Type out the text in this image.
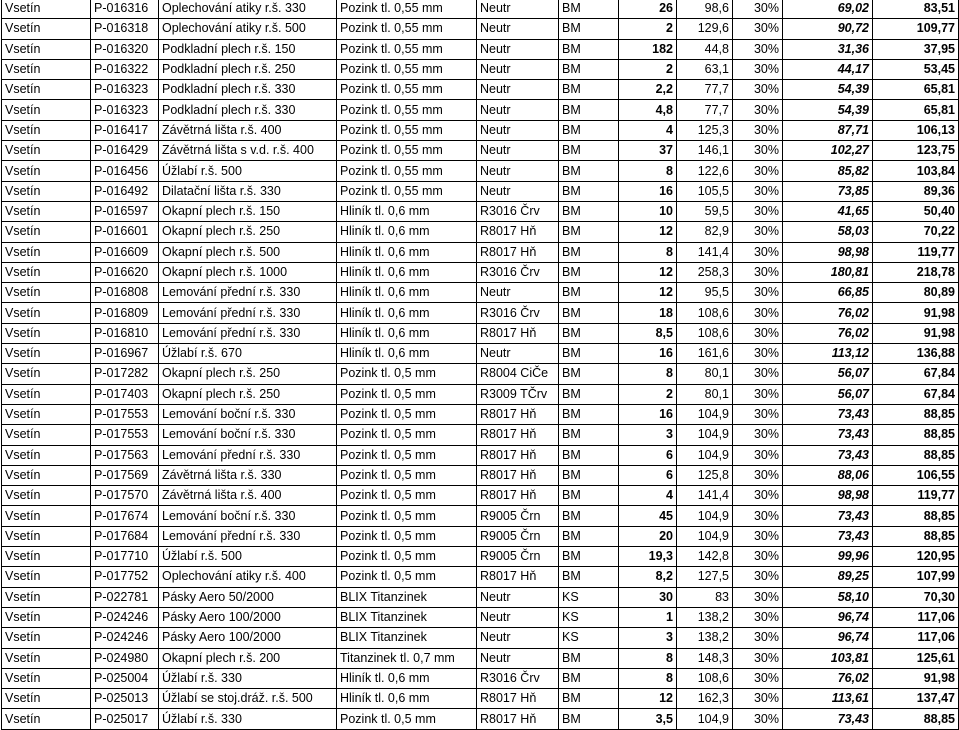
Vsetín	P-016316	Oplechování atiky r.š. 330	Pozink tl. 0,55 mm	Neutr	BM	26	98,6	30%	69,02	83,51
Vsetín	P-016318	Oplechování atiky r.š. 500	Pozink tl. 0,55 mm	Neutr	BM	2	129,6	30%	90,72	109,77
Vsetín	P-016320	Podkladní plech r.š. 150	Pozink tl. 0,55 mm	Neutr	BM	182	44,8	30%	31,36	37,95
Vsetín	P-016322	Podkladní plech r.š. 250	Pozink tl. 0,55 mm	Neutr	BM	2	63,1	30%	44,17	53,45
Vsetín	P-016323	Podkladní plech r.š. 330	Pozink tl. 0,55 mm	Neutr	BM	2,2	77,7	30%	54,39	65,81
Vsetín	P-016323	Podkladní plech r.š. 330	Pozink tl. 0,55 mm	Neutr	BM	4,8	77,7	30%	54,39	65,81
Vsetín	P-016417	Závětrná lišta r.š. 400	Pozink tl. 0,55 mm	Neutr	BM	4	125,3	30%	87,71	106,13
Vsetín	P-016429	Závětrná lišta s v.d. r.š. 400	Pozink tl. 0,55 mm	Neutr	BM	37	146,1	30%	102,27	123,75
Vsetín	P-016456	Úžlabí r.š. 500	Pozink tl. 0,55 mm	Neutr	BM	8	122,6	30%	85,82	103,84
Vsetín	P-016492	Dilatační lišta r.š. 330	Pozink tl. 0,55 mm	Neutr	BM	16	105,5	30%	73,85	89,36
Vsetín	P-016597	Okapní plech r.š. 150	Hliník tl. 0,6 mm	R3016 Črv	BM	10	59,5	30%	41,65	50,40
Vsetín	P-016601	Okapní plech r.š. 250	Hliník tl. 0,6 mm	R8017 Hň	BM	12	82,9	30%	58,03	70,22
Vsetín	P-016609	Okapní plech r.š. 500	Hliník tl. 0,6 mm	R8017 Hň	BM	8	141,4	30%	98,98	119,77
Vsetín	P-016620	Okapní plech r.š. 1000	Hliník tl. 0,6 mm	R3016 Črv	BM	12	258,3	30%	180,81	218,78
Vsetín	P-016808	Lemování přední r.š. 330	Hliník tl. 0,6 mm	Neutr	BM	12	95,5	30%	66,85	80,89
Vsetín	P-016809	Lemování přední r.š. 330	Hliník tl. 0,6 mm	R3016 Črv	BM	18	108,6	30%	76,02	91,98
Vsetín	P-016810	Lemování přední r.š. 330	Hliník tl. 0,6 mm	R8017 Hň	BM	8,5	108,6	30%	76,02	91,98
Vsetín	P-016967	Úžlabí r.š. 670	Hliník tl. 0,6 mm	Neutr	BM	16	161,6	30%	113,12	136,88
Vsetín	P-017282	Okapní plech r.š. 250	Pozink tl. 0,5 mm	R8004 CiČe	BM	8	80,1	30%	56,07	67,84
Vsetín	P-017403	Okapní plech r.š. 250	Pozink tl. 0,5 mm	R3009 TČrv	BM	2	80,1	30%	56,07	67,84
Vsetín	P-017553	Lemování boční r.š. 330	Pozink tl. 0,5 mm	R8017 Hň	BM	16	104,9	30%	73,43	88,85
Vsetín	P-017553	Lemování boční r.š. 330	Pozink tl. 0,5 mm	R8017 Hň	BM	3	104,9	30%	73,43	88,85
Vsetín	P-017563	Lemování přední r.š. 330	Pozink tl. 0,5 mm	R8017 Hň	BM	6	104,9	30%	73,43	88,85
Vsetín	P-017569	Závětrná lišta r.š. 330	Pozink tl. 0,5 mm	R8017 Hň	BM	6	125,8	30%	88,06	106,55
Vsetín	P-017570	Závětrná lišta r.š. 400	Pozink tl. 0,5 mm	R8017 Hň	BM	4	141,4	30%	98,98	119,77
Vsetín	P-017674	Lemování boční r.š. 330	Pozink tl. 0,5 mm	R9005 Črn	BM	45	104,9	30%	73,43	88,85
Vsetín	P-017684	Lemování přední r.š. 330	Pozink tl. 0,5 mm	R9005 Črn	BM	20	104,9	30%	73,43	88,85
Vsetín	P-017710	Úžlabí r.š. 500	Pozink tl. 0,5 mm	R9005 Črn	BM	19,3	142,8	30%	99,96	120,95
Vsetín	P-017752	Oplechování atiky r.š. 400	Pozink tl. 0,5 mm	R8017 Hň	BM	8,2	127,5	30%	89,25	107,99
Vsetín	P-022781	Pásky Aero 50/2000	BLIX Titanzinek	Neutr	KS	30	83	30%	58,10	70,30
Vsetín	P-024246	Pásky Aero 100/2000	BLIX Titanzinek	Neutr	KS	1	138,2	30%	96,74	117,06
Vsetín	P-024246	Pásky Aero 100/2000	BLIX Titanzinek	Neutr	KS	3	138,2	30%	96,74	117,06
Vsetín	P-024980	Okapní plech r.š. 200	Titanzinek tl. 0,7 mm	Neutr	BM	8	148,3	30%	103,81	125,61
Vsetín	P-025004	Úžlabí r.š. 330	Hliník tl. 0,6 mm	R3016 Črv	BM	8	108,6	30%	76,02	91,98
Vsetín	P-025013	Úžlabí se stoj.dráž. r.š. 500	Hliník tl. 0,6 mm	R8017 Hň	BM	12	162,3	30%	113,61	137,47
Vsetín	P-025017	Úžlabí r.š. 330	Pozink tl. 0,5 mm	R8017 Hň	BM	3,5	104,9	30%	73,43	88,85
